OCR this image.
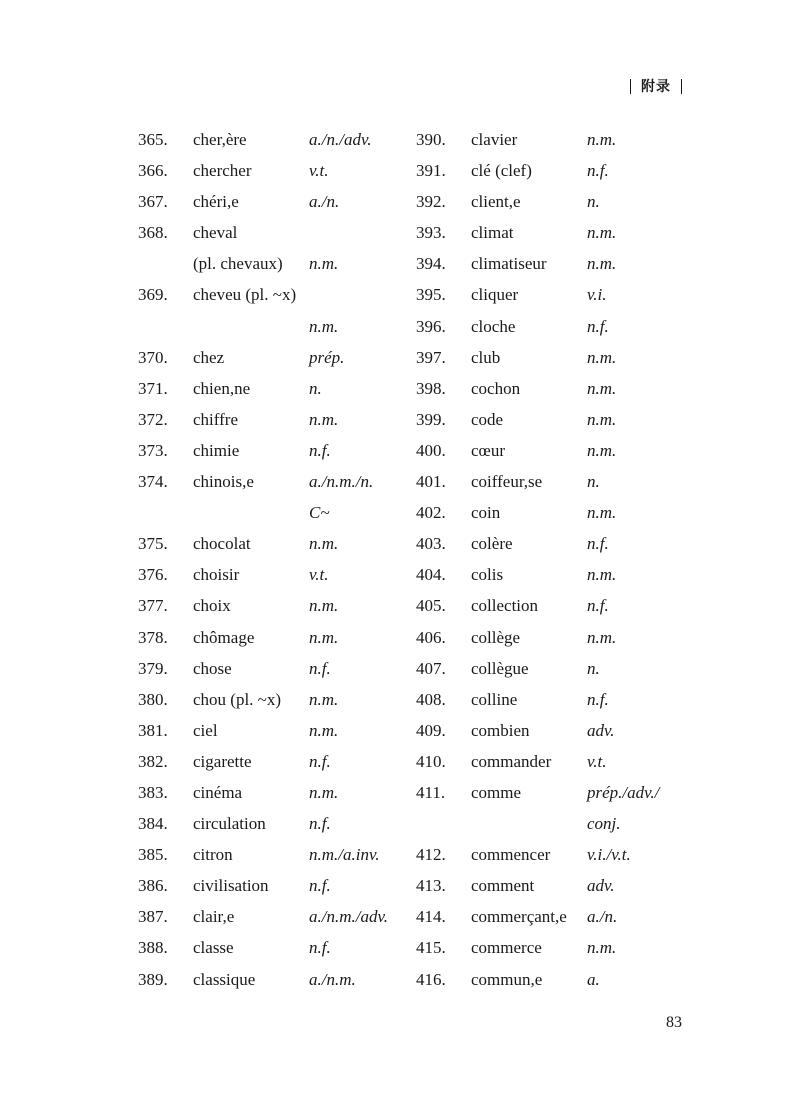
附录
365. cher,ère	a./n./adv.
366. chercher	v.t.
367. chéri,e	a./n.
368. cheval
(pl. chevaux) n.m.
369. cheveu (pl. ~x)
n.m.
370. chez	prép.
371. chien,ne	n.
372. chiffre	n.m.
373. chimie	n.f.
374. chinois,e	a./n.m./n.
C~
375. chocolat	n.m.
376. choisir	v.t.
377. choix	n.m.
378. chômage	n.m.
379. chose	n.f.
380. chou (pl. ~x) n.m.
381. ciel	n.m.
382. cigarette	n.f.
383. cinéma	n.m.
384. circulation	n.f.
385. citron	n.m./a.inv.
386. civilisation n.f.
387. clair,e	a./n.m./adv.
388. classe	n.f.
389. classique	a./n.m.
390. clavier	n.m.
391. clé (clef)	n.f.
392. client,e	n.
393. climat	n.m.
394. climatiseur n.m.
395. cliquer	v.i.
396. cloche	n.f.
397. club	n.m.
398. cochon	n.m.
399. code	n.m.
400. cœur	n.m.
401. coiffeur,se	n.
402. coin	n.m.
403. colère	n.f.
404. colis	n.m.
405. collection	n.f.
406. collège	n.m.
407. collègue	n.
408. colline	n.f.
409. combien	adv.
410. commander v.t.
411. comme	prép./adv./
conj.
412. commencer v.i./v.t.
413. comment	adv.
414. commerçant,e a./n.
415. commerce	n.m.
416. commun,e	a.
83
